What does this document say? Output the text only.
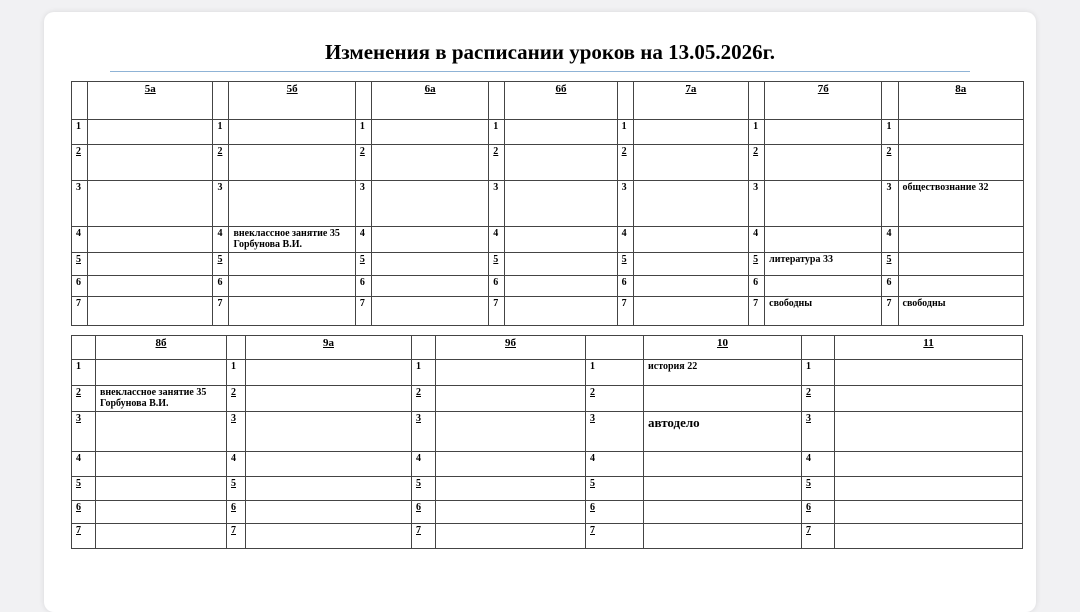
Изменения в расписании уроков на 13.05.2026г.
	5а		5б		6а		6б		7а		7б		8а
1		1		1		1		1		1		1	
2		2		2		2		2		2		2	
3		3		3		3		3		3		3	обществознание 32
4		4	внеклассное занятие 35 Горбунова В.И.	4		4		4		4		4	
5		5		5		5		5		5	литература 33	5	
6		6		6		6		6		6		6	
7		7		7		7		7		7	свободны	7	свободны
	8б		9а		9б		10		11
1		1		1		1	история 22	1	
2	внеклассное занятие 35 Горбунова В.И.	2		2		2		2	
3		3		3		3	автодело	3	
4		4		4		4		4	
5		5		5		5		5	
6		6		6		6		6	
7		7		7		7		7	
